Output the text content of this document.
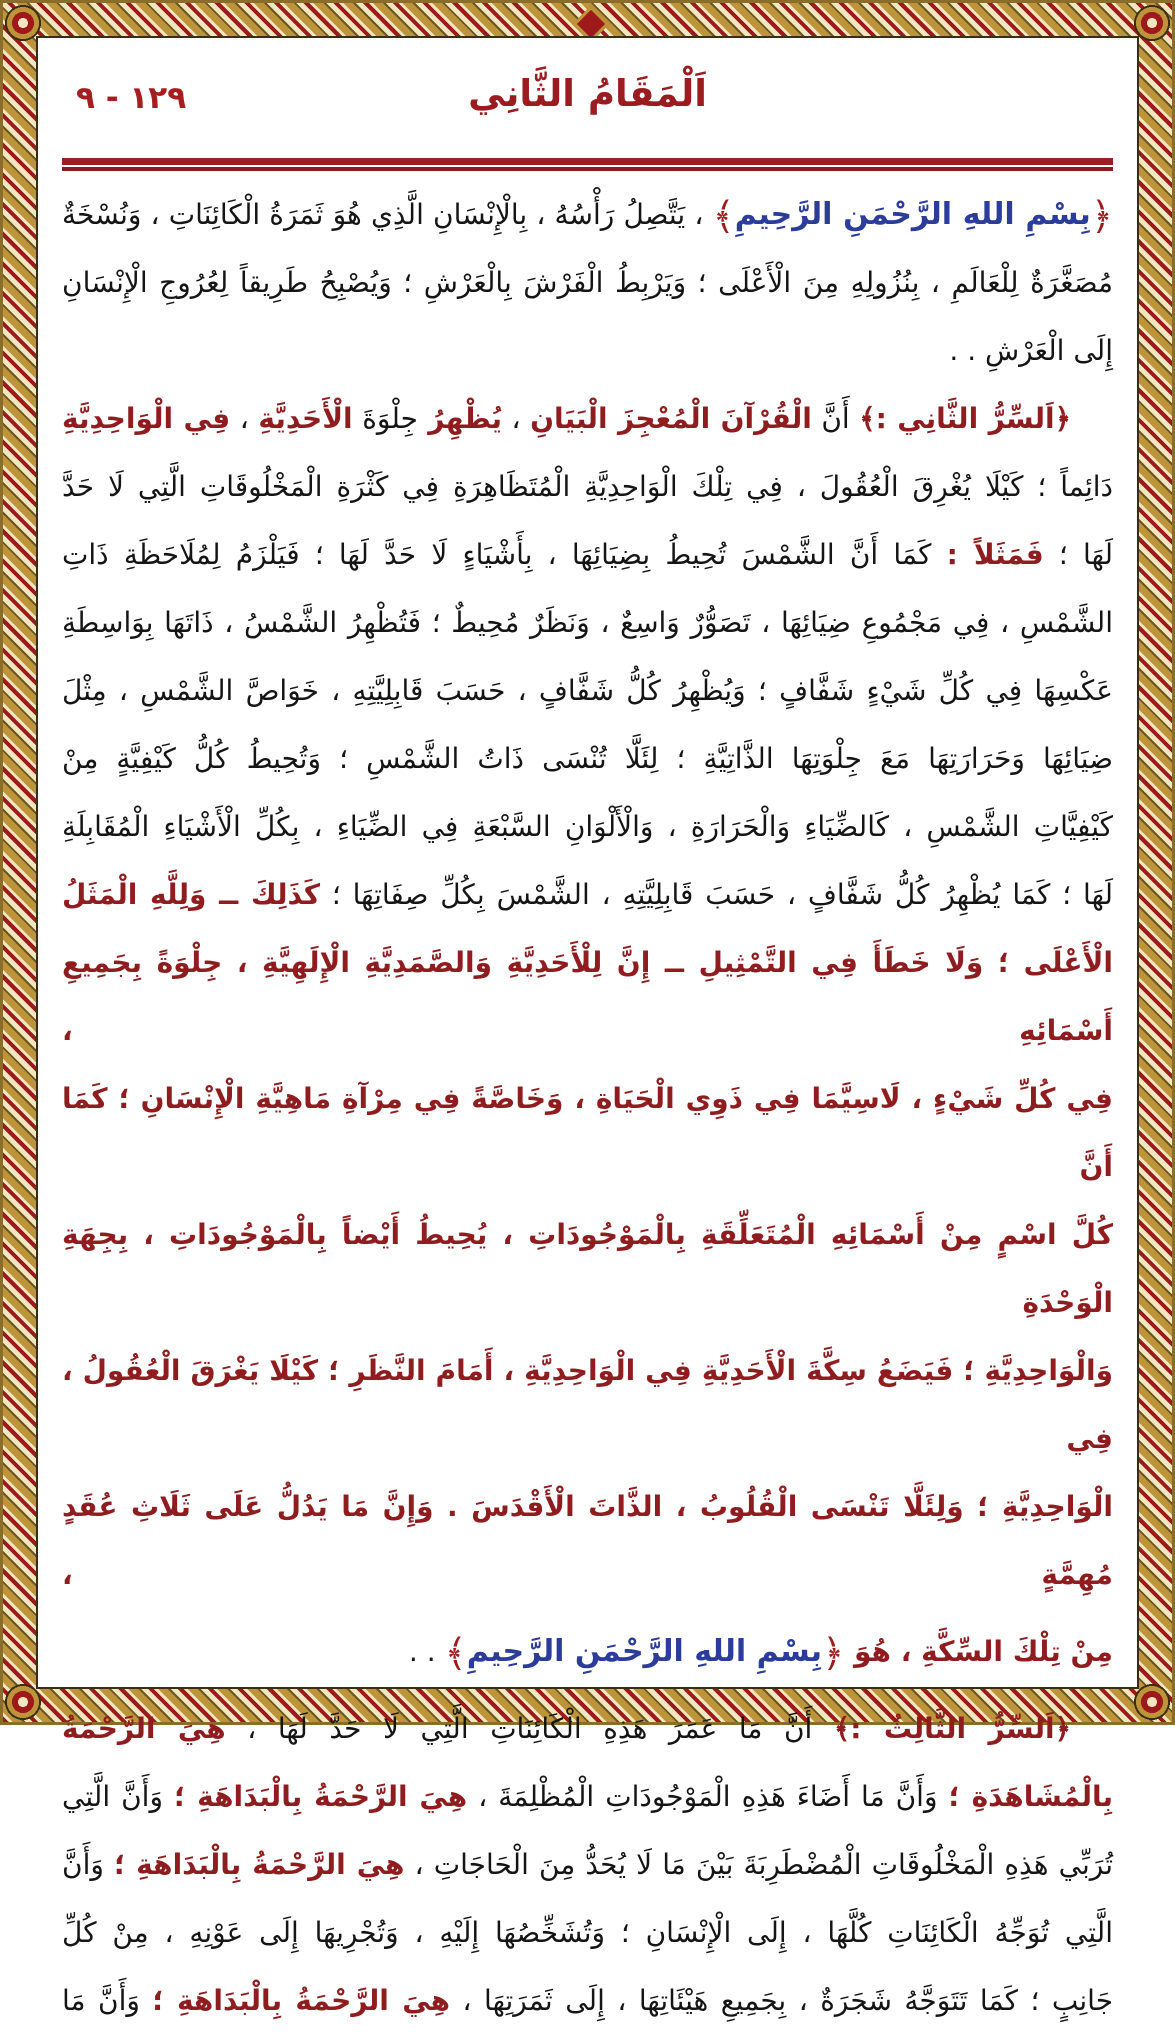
١٢٩ - ٩	اَلْمَقَامُ الثَّانِي
﴿بِسْمِ اللهِ الرَّحْمَنِ الرَّحِيمِ﴾ ، يَتَّصِلُ رَأْسُهُ ، بِالْإِنْسَانِ الَّذِي هُوَ ثَمَرَةُ الْكَائِنَاتِ ، وَنُسْخَةٌ
مُصَغَّرَةٌ لِلْعَالَمِ ، بِنُزُولِهِ مِنَ الْأَعْلَى ؛ وَيَرْبِطُ الْفَرْشَ بِالْعَرْشِ ؛ وَيُصْبِحُ طَرِيقاً لِعُرُوجِ الْإِنْسَانِ
إِلَى الْعَرْشِ . .
﴿اَلسِّرُّ الثَّانِي :﴾ أَنَّ الْقُرْآنَ الْمُعْجِزَ الْبَيَانِ ، يُظْهِرُ جِلْوَةَ الْأَحَدِيَّةِ ، فِي الْوَاحِدِيَّةِ
دَائِماً ؛ كَيْلَا يُغْرِقَ الْعُقُولَ ، فِي تِلْكَ الْوَاحِدِيَّةِ الْمُتَظَاهِرَةِ فِي كَثْرَةِ الْمَخْلُوقَاتِ الَّتِي لَا حَدَّ
لَهَا ؛ فَمَثَلاً : كَمَا أَنَّ الشَّمْسَ تُحِيطُ بِضِيَائِهَا ، بِأَشْيَاءٍ لَا حَدَّ لَهَا ؛ فَيَلْزَمُ لِمُلَاحَظَةِ ذَاتِ
الشَّمْسِ ، فِي مَجْمُوعِ ضِيَائِهَا ، تَصَوُّرٌ وَاسِعٌ ، وَنَظَرٌ مُحِيطٌ ؛ فَتُظْهِرُ الشَّمْسُ ، ذَاتَهَا بِوَاسِطَةِ
عَكْسِهَا فِي كُلِّ شَيْءٍ شَفَّافٍ ؛ وَيُظْهِرُ كُلُّ شَفَّافٍ ، حَسَبَ قَابِلِيَّتِهِ ، خَوَاصَّ الشَّمْسِ ، مِثْلَ
ضِيَائِهَا وَحَرَارَتِهَا مَعَ جِلْوَتِهَا الذَّاتِيَّةِ ؛ لِئَلَّا تُنْسَى ذَاتُ الشَّمْسِ ؛ وَتُحِيطُ كُلُّ كَيْفِيَّةٍ مِنْ
كَيْفِيَّاتِ الشَّمْسِ ، كَالضِّيَاءِ وَالْحَرَارَةِ ، وَالْأَلْوَانِ السَّبْعَةِ فِي الضِّيَاءِ ، بِكُلِّ الْأَشْيَاءِ الْمُقَابِلَةِ
لَهَا ؛ كَمَا يُظْهِرُ كُلُّ شَفَّافٍ ، حَسَبَ قَابِلِيَّتِهِ ، الشَّمْسَ بِكُلِّ صِفَاتِهَا ؛ كَذَلِكَ ــ وَلِلَّهِ الْمَثَلُ
الْأَعْلَى ؛ وَلَا خَطَأَ فِي التَّمْثِيلِ ــ إِنَّ لِلْأَحَدِيَّةِ وَالصَّمَدِيَّةِ الْإِلَهِيَّةِ ، جِلْوَةً بِجَمِيعِ أَسْمَائِهِ ،
فِي كُلِّ شَيْءٍ ، لَاسِيَّمَا فِي ذَوِي الْحَيَاةِ ، وَخَاصَّةً فِي مِرْآةِ مَاهِيَّةِ الْإِنْسَانِ ؛ كَمَا أَنَّ
كُلَّ اسْمٍ مِنْ أَسْمَائِهِ الْمُتَعَلِّقَةِ بِالْمَوْجُودَاتِ ، يُحِيطُ أَيْضاً بِالْمَوْجُودَاتِ ، بِجِهَةِ الْوَحْدَةِ
وَالْوَاحِدِيَّةِ ؛ فَيَضَعُ سِكَّةَ الْأَحَدِيَّةِ فِي الْوَاحِدِيَّةِ ، أَمَامَ النَّظَرِ ؛ كَيْلَا يَغْرَقَ الْعُقُولُ ، فِي
الْوَاحِدِيَّةِ ؛ وَلِئَلَّا تَنْسَى الْقُلُوبُ ، الذَّاتَ الْأَقْدَسَ . وَإِنَّ مَا يَدُلُّ عَلَى ثَلَاثِ عُقَدٍ مُهِمَّةٍ ،
مِنْ تِلْكَ السِّكَّةِ ، هُوَ ﴿بِسْمِ اللهِ الرَّحْمَنِ الرَّحِيمِ﴾ . .
﴿اَلسِّرُّ الثَّالِثُ :﴾ أَنَّ مَا عَمَرَ هَذِهِ الْكَائِنَاتِ الَّتِي لَا حَدَّ لَهَا ، هِيَ الرَّحْمَةُ
بِالْمُشَاهَدَةِ ؛ وَأَنَّ مَا أَضَاءَ هَذِهِ الْمَوْجُودَاتِ الْمُظْلِمَةَ ، هِيَ الرَّحْمَةُ بِالْبَدَاهَةِ ؛ وَأَنَّ الَّتِي
تُرَبِّي هَذِهِ الْمَخْلُوقَاتِ الْمُضْطَرِبَةَ بَيْنَ مَا لَا يُحَدُّ مِنَ الْحَاجَاتِ ، هِيَ الرَّحْمَةُ بِالْبَدَاهَةِ ؛ وَأَنَّ
الَّتِي تُوَجِّهُ الْكَائِنَاتِ كُلَّهَا ، إِلَى الْإِنْسَانِ ؛ وَتُشَخِّصُهَا إِلَيْهِ ، وَتُجْرِيهَا إِلَى عَوْنِهِ ، مِنْ كُلِّ
جَانِبٍ ؛ كَمَا تَتَوَجَّهُ شَجَرَةٌ ، بِجَمِيعِ هَيْئَاتِهَا ، إِلَى ثَمَرَتِهَا ، هِيَ الرَّحْمَةُ بِالْبَدَاهَةِ ؛ وَأَنَّ مَا
